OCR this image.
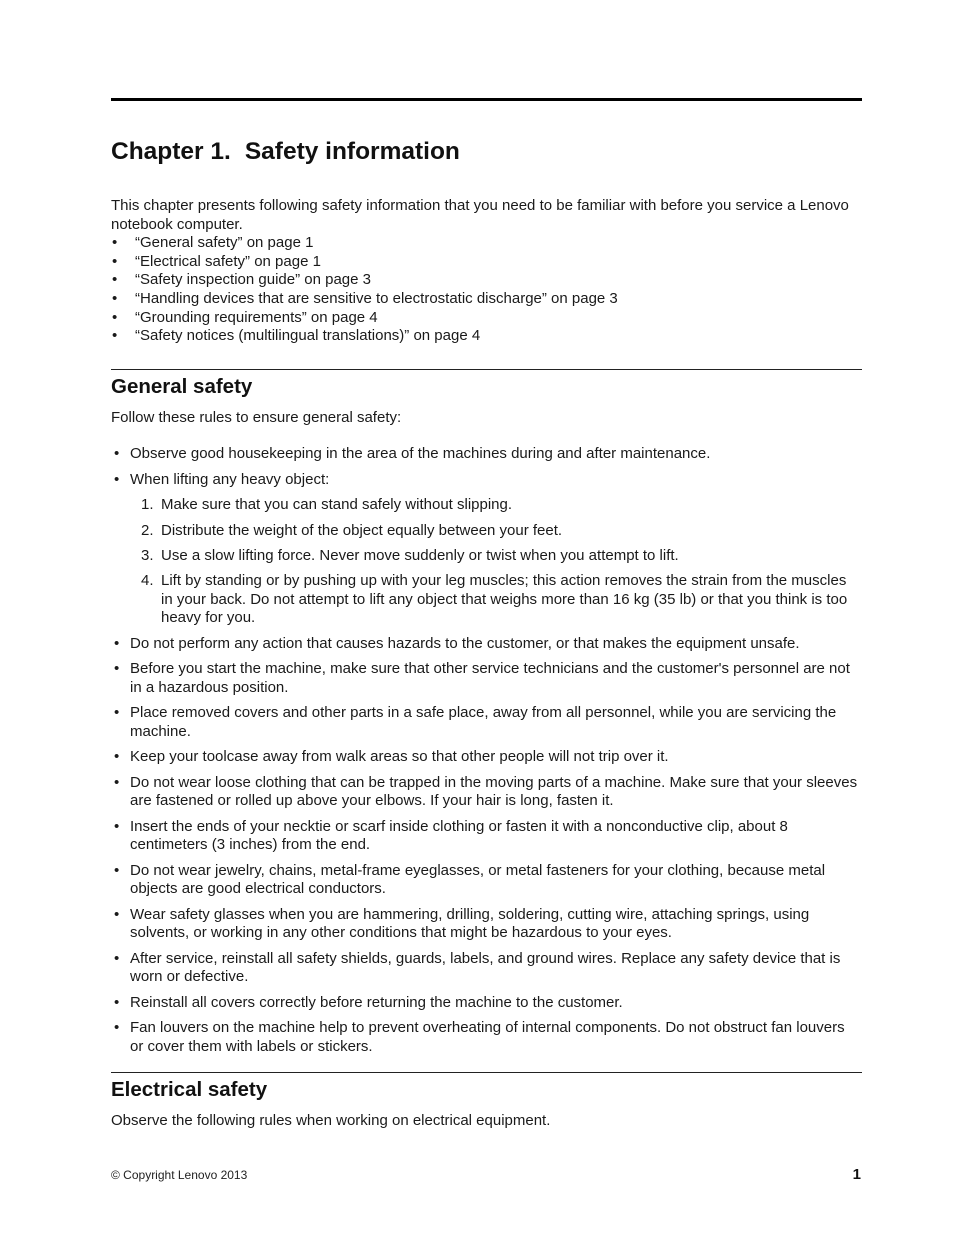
Chapter 1. Safety information

This chapter presents following safety information that you need to be familiar with before you service a Lenovo notebook computer.

• “General safety” on page 1
• “Electrical safety” on page 1
• “Safety inspection guide” on page 3
• “Handling devices that are sensitive to electrostatic discharge” on page 3
• “Grounding requirements” on page 4
• “Safety notices (multilingual translations)” on page 4
General safety

Follow these rules to ensure general safety:

• Observe good housekeeping in the area of the machines during and after maintenance.
• When lifting any heavy object:
1. Make sure that you can stand safely without slipping.
2. Distribute the weight of the object equally between your feet.
3. Use a slow lifting force. Never move suddenly or twist when you attempt to lift.
4. Lift by standing or by pushing up with your leg muscles; this action removes the strain from the muscles in your back. Do not attempt to lift any object that weighs more than 16 kg (35 lb) or that you think is too heavy for you.
• Do not perform any action that causes hazards to the customer, or that makes the equipment unsafe.
• Before you start the machine, make sure that other service technicians and the customer's personnel are not in a hazardous position.
• Place removed covers and other parts in a safe place, away from all personnel, while you are servicing the machine.
• Keep your toolcase away from walk areas so that other people will not trip over it.
• Do not wear loose clothing that can be trapped in the moving parts of a machine. Make sure that your sleeves are fastened or rolled up above your elbows. If your hair is long, fasten it.
• Insert the ends of your necktie or scarf inside clothing or fasten it with a nonconductive clip, about 8 centimeters (3 inches) from the end.
• Do not wear jewelry, chains, metal-frame eyeglasses, or metal fasteners for your clothing, because metal objects are good electrical conductors.
• Wear safety glasses when you are hammering, drilling, soldering, cutting wire, attaching springs, using solvents, or working in any other conditions that might be hazardous to your eyes.
• After service, reinstall all safety shields, guards, labels, and ground wires. Replace any safety device that is worn or defective.
• Reinstall all covers correctly before returning the machine to the customer.
• Fan louvers on the machine help to prevent overheating of internal components. Do not obstruct fan louvers or cover them with labels or stickers.
Electrical safety

Observe the following rules when working on electrical equipment.

© Copyright Lenovo 2013	1
